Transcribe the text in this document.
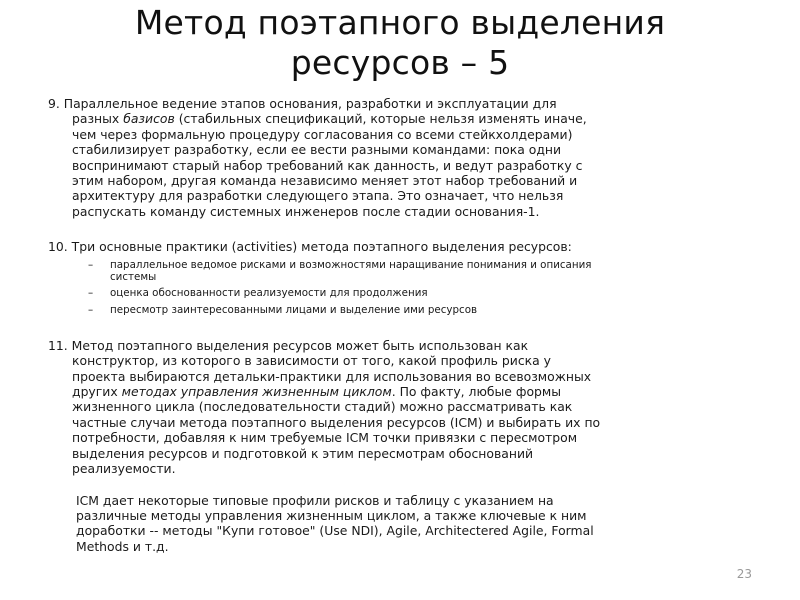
Метод поэтапного выделения
ресурсов – 5
9. Параллельное ведение этапов основания, разработки и эксплуатации для
разных базисов (стабильных спецификаций, которые нельзя изменять иначе,
чем через формальную процедуру согласования со всеми стейкхолдерами)
стабилизирует разработку, если ее вести разными командами: пока одни
воспринимают старый набор требований как данность, и ведут разработку с
этим набором, другая команда независимо меняет этот набор требований и
архитектуру для разработки следующего этапа. Это означает, что нельзя
распускать команду системных инженеров после стадии основания-1.
10. Три основные практики (activities) метода поэтапного выделения ресурсов:
– параллельное ведомое рисками и возможностями наращивание понимания и описания
системы
– оценка обоснованности реализуемости для продолжения
– пересмотр заинтересованными лицами и выделение ими ресурсов
11. Метод поэтапного выделения ресурсов может быть использован как
конструктор, из которого в зависимости от того, какой профиль риска у
проекта выбираются детальки-практики для использования во всевозможных
других методах управления жизненным циклом. По факту, любые формы
жизненного цикла (последовательности стадий) можно рассматривать как
частные случаи метода поэтапного выделения ресурсов (ICM) и выбирать их по
потребности, добавляя к ним требуемые ICM точки привязки с пересмотром
выделения ресурсов и подготовкой к этим пересмотрам обоснований
реализуемости.
ICM дает некоторые типовые профили рисков и таблицу с указанием на
различные методы управления жизненным циклом, а также ключевые к ним
доработки -- методы "Купи готовое" (Use NDI), Agile, Architectered Agile, Formal
Methods и т.д.
23
